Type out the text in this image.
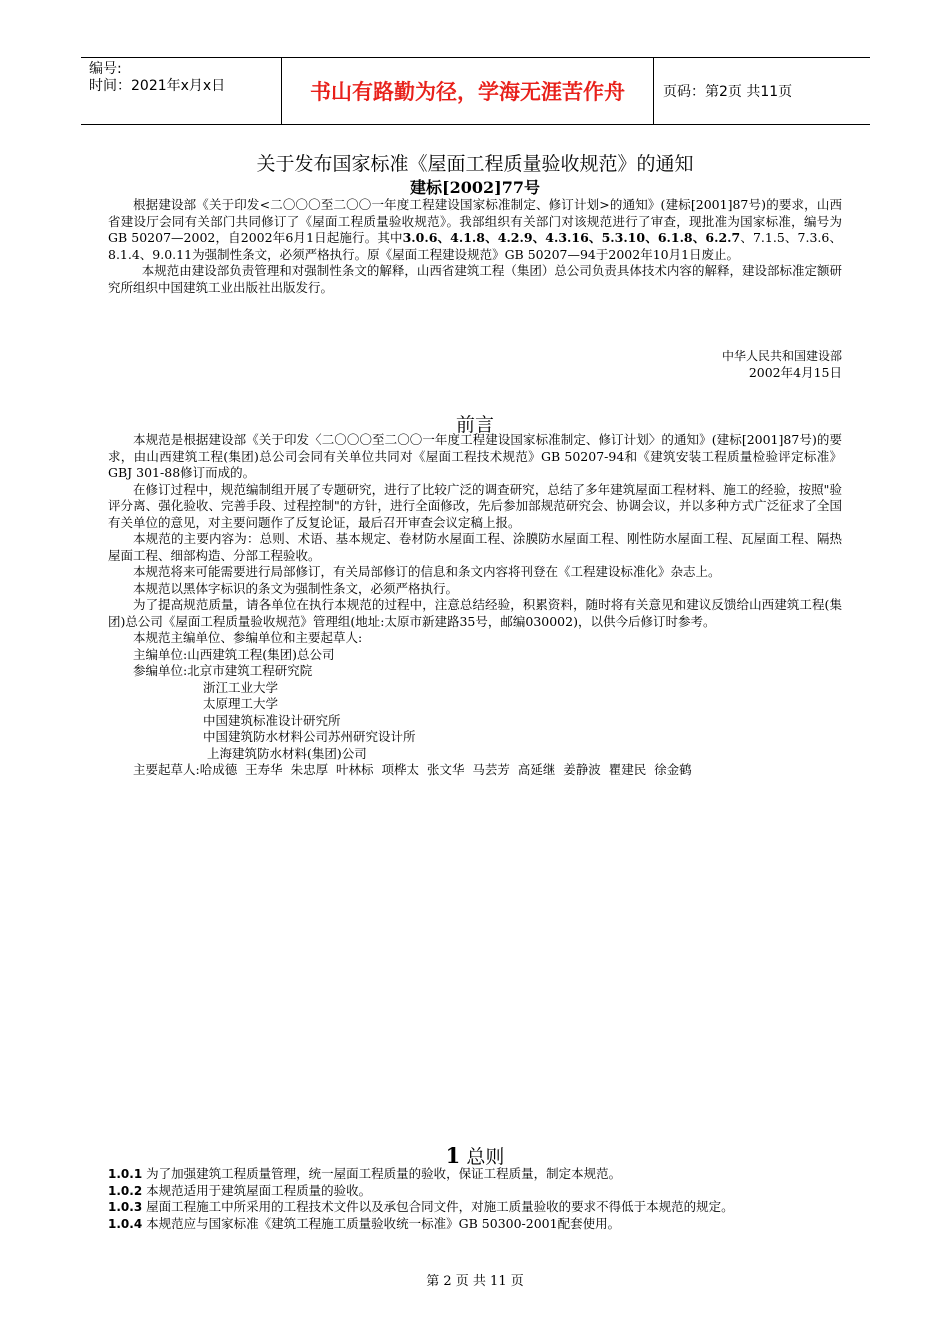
编号:
时间：2021年x月x日	书山有路勤为径，学海无涯苦作舟	页码：第2页 共11页
关于发布国家标准《屋面工程质量验收规范》的通知
建标[2002]77号

根据建设部《关于印发<二〇〇〇至二〇〇一年度工程建设国家标准制定、修订计划>的通知》(建标[2001]87号)的要求，山西省建设厅会同有关部门共同修订了《屋面工程质量验收规范》。我部组织有关部门对该规范进行了审查，现批准为国家标准，编号为GB 50207—2002，自2002年6月1日起施行。其中3.0.6、4.1.8、4.2.9、4.3.16、5.3.10、6.1.8、6.2.7、7.1.5、7.3.6、8.1.4、9.0.11为强制性条文，必须严格执行。原《屋面工程建设规范》GB 50207—94于2002年10月1日废止。

本规范由建设部负责管理和对强制性条文的解释，山西省建筑工程（集团）总公司负责具体技术内容的解释，建设部标准定额研究所组织中国建筑工业出版社出版发行。

中华人民共和国建设部
2002年4月15日
前言

本规范是根据建设部《关于印发〈二〇〇〇至二〇〇一年度工程建设国家标准制定、修订计划〉的通知》(建标[2001]87号)的要求，由山西建筑工程(集团)总公司会同有关单位共同对《屋面工程技术规范》GB 50207-94和《建筑安装工程质量检验评定标准》GBJ 301-88修订而成的。

在修订过程中，规范编制组开展了专题研究，进行了比较广泛的调查研究，总结了多年建筑屋面工程材料、施工的经验，按照"验评分离、强化验收、完善手段、过程控制"的方针，进行全面修改，先后参加部规范研究会、协调会议，并以多种方式广泛征求了全国有关单位的意见，对主要问题作了反复论证，最后召开审查会议定稿上报。

本规范的主要内容为：总则、术语、基本规定、卷材防水屋面工程、涂膜防水屋面工程、刚性防水屋面工程、瓦屋面工程、隔热屋面工程、细部构造、分部工程验收。

本规范将来可能需要进行局部修订，有关局部修订的信息和条文内容将刊登在《工程建设标准化》杂志上。

本规范以黑体字标识的条文为强制性条文，必须严格执行。

为了提高规范质量，请各单位在执行本规范的过程中，注意总结经验，积累资料，随时将有关意见和建议反馈给山西建筑工程(集团)总公司《屋面工程质量验收规范》管理组(地址:太原市新建路35号，邮编030002)，以供今后修订时参考。

本规范主编单位、参编单位和主要起草人:

主编单位:山西建筑工程(集团)总公司

参编单位:北京市建筑工程研究院

浙江工业大学

太原理工大学

中国建筑标准设计研究所

中国建筑防水材料公司苏州研究设计所

上海建筑防水材料(集团)公司

主要起草人:哈成德  王寿华  朱忠厚  叶林标  项桦太  张文华  马芸芳  高延继  姜静波  瞿建民  徐金鹤

1 总则
1.0.1 为了加强建筑工程质量管理，统一屋面工程质量的验收，保证工程质量，制定本规范。
1.0.2 本规范适用于建筑屋面工程质量的验收。
1.0.3 屋面工程施工中所采用的工程技术文件以及承包合同文件，对施工质量验收的要求不得低于本规范的规定。
1.0.4 本规范应与国家标准《建筑工程施工质量验收统一标准》GB 50300-2001配套使用。
第 2 页 共 11 页
